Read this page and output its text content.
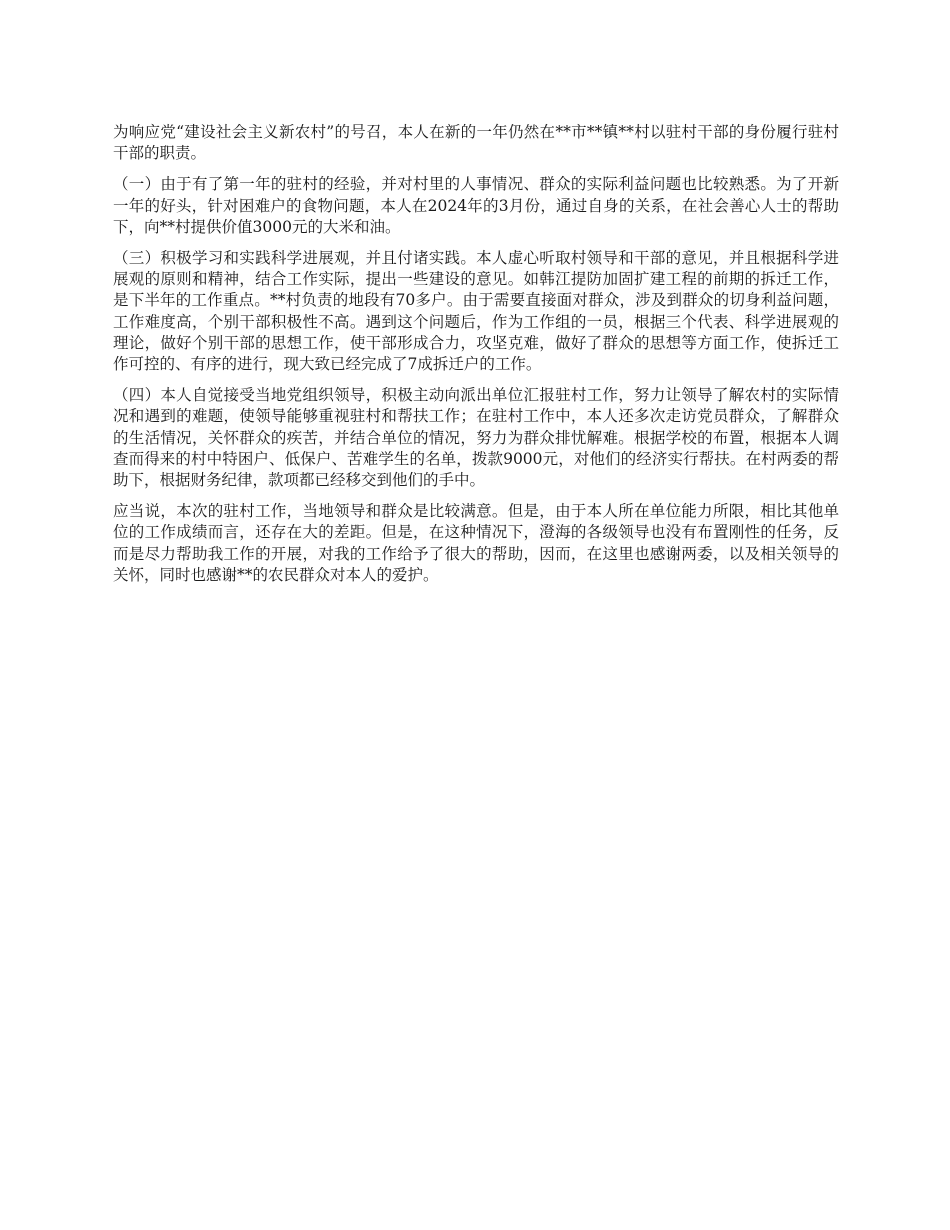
为响应党“建设社会主义新农村”的号召，本人在新的一年仍然在**市**镇**村以驻村干部的身份履行驻村干部的职责。

（一）由于有了第一年的驻村的经验，并对村里的人事情况、群众的实际利益问题也比较熟悉。为了开新一年的好头，针对困难户的食物问题，本人在2024年的3月份，通过自身的关系，在社会善心人士的帮助下，向**村提供价值3000元的大米和油。

（三）积极学习和实践科学进展观，并且付诸实践。本人虚心听取村领导和干部的意见，并且根据科学进展观的原则和精神，结合工作实际，提出一些建设的意见。如韩江提防加固扩建工程的前期的拆迁工作，是下半年的工作重点。**村负责的地段有70多户。由于需要直接面对群众，涉及到群众的切身利益问题，工作难度高，个别干部积极性不高。遇到这个问题后，作为工作组的一员，根据三个代表、科学进展观的理论，做好个别干部的思想工作，使干部形成合力，攻坚克难，做好了群众的思想等方面工作，使拆迁工作可控的、有序的进行，现大致已经完成了7成拆迁户的工作。

（四）本人自觉接受当地党组织领导，积极主动向派出单位汇报驻村工作，努力让领导了解农村的实际情况和遇到的难题，使领导能够重视驻村和帮扶工作；在驻村工作中，本人还多次走访党员群众，了解群众的生活情况，关怀群众的疾苦，并结合单位的情况，努力为群众排忧解难。根据学校的布置，根据本人调查而得来的村中特困户、低保户、苦难学生的名单，拨款9000元，对他们的经济实行帮扶。在村两委的帮助下，根据财务纪律，款项都已经移交到他们的手中。

应当说，本次的驻村工作，当地领导和群众是比较满意。但是，由于本人所在单位能力所限，相比其他单位的工作成绩而言，还存在大的差距。但是，在这种情况下，澄海的各级领导也没有布置刚性的任务，反而是尽力帮助我工作的开展，对我的工作给予了很大的帮助，因而，在这里也感谢两委，以及相关领导的关怀，同时也感谢**的农民群众对本人的爱护。
